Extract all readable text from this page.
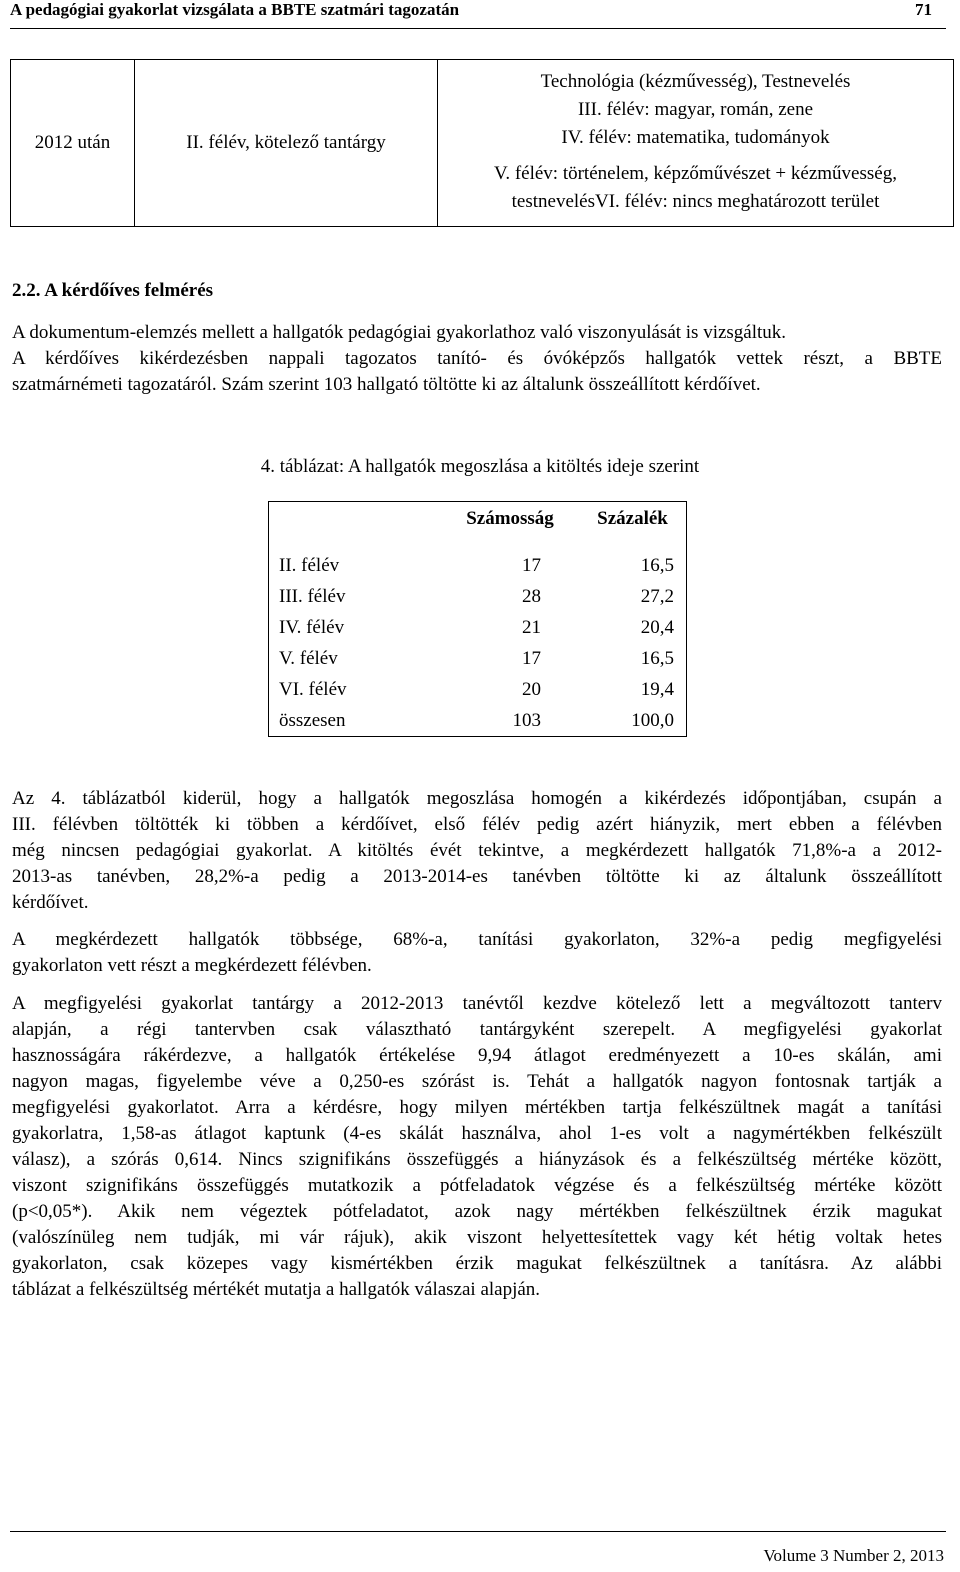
A pedagógiai gyakorlat vizsgálata a BBTE szatmári tagozatán	71
2012 után	II. félév, kötelező tantárgy	
Technológia (kézművesség), Testnevelés
III. félév: magyar, román, zene
IV. félév: matematika, tudományok
V. félév: történelem, képzőművészet + kézművesség,
testnevelésVI. félév: nincs meghatározott terület
2.2. A kérdőíves felmérés
A dokumentum-elemzés mellett a hallgatók pedagógiai gyakorlathoz való viszonyulását is vizsgáltuk.
A kérdőíves kikérdezésben nappali tagozatos tanító- és óvóképzős hallgatók vettek részt, a BBTE
szatmárnémeti tagozatáról. Szám szerint 103 hallgató töltötte ki az általunk összeállított kérdőívet.
4. táblázat: A hallgatók megoszlása a kitöltés ideje szerint
	Számosság	Százalék
II. félév	17	16,5
III. félév	28	27,2
IV. félév	21	20,4
V. félév	17	16,5
VI. félév	20	19,4
összesen	103	100,0
Az 4. táblázatból kiderül, hogy a hallgatók megoszlása homogén a kikérdezés időpontjában, csupán a
III. félévben töltötték ki többen a kérdőívet, első félév pedig azért hiányzik, mert ebben a félévben
még nincsen pedagógiai gyakorlat. A kitöltés évét tekintve, a megkérdezett hallgatók 71,8%-a a 2012-
2013-as tanévben, 28,2%-a pedig a 2013-2014-es tanévben töltötte ki az általunk összeállított
kérdőívet.
A megkérdezett hallgatók többsége, 68%-a, tanítási gyakorlaton, 32%-a pedig megfigyelési
gyakorlaton vett részt a megkérdezett félévben.
A megfigyelési gyakorlat tantárgy a 2012-2013 tanévtől kezdve kötelező lett a megváltozott tanterv
alapján, a régi tantervben csak választható tantárgyként szerepelt. A megfigyelési gyakorlat
hasznosságára rákérdezve, a hallgatók értékelése 9,94 átlagot eredményezett a 10-es skálán, ami
nagyon magas, figyelembe véve a 0,250-es szórást is. Tehát a hallgatók nagyon fontosnak tartják a
megfigyelési gyakorlatot. Arra a kérdésre, hogy milyen mértékben tartja felkészültnek magát a tanítási
gyakorlatra, 1,58-as átlagot kaptunk (4-es skálát használva, ahol 1-es volt a nagymértékben felkészült
válasz), a szórás 0,614. Nincs szignifikáns összefüggés a hiányzások és a felkészültség mértéke között,
viszont szignifikáns összefüggés mutatkozik a pótfeladatok végzése és a felkészültség mértéke között
(p<0,05*). Akik nem végeztek pótfeladatot, azok nagy mértékben felkészültnek érzik magukat
(valószínüleg nem tudják, mi vár rájuk), akik viszont helyettesítettek vagy két hétig voltak hetes
gyakorlaton, csak közepes vagy kismértékben érzik magukat felkészültnek a tanításra. Az alábbi
táblázat a felkészültség mértékét mutatja a hallgatók válaszai alapján.
Volume 3 Number 2, 2013
